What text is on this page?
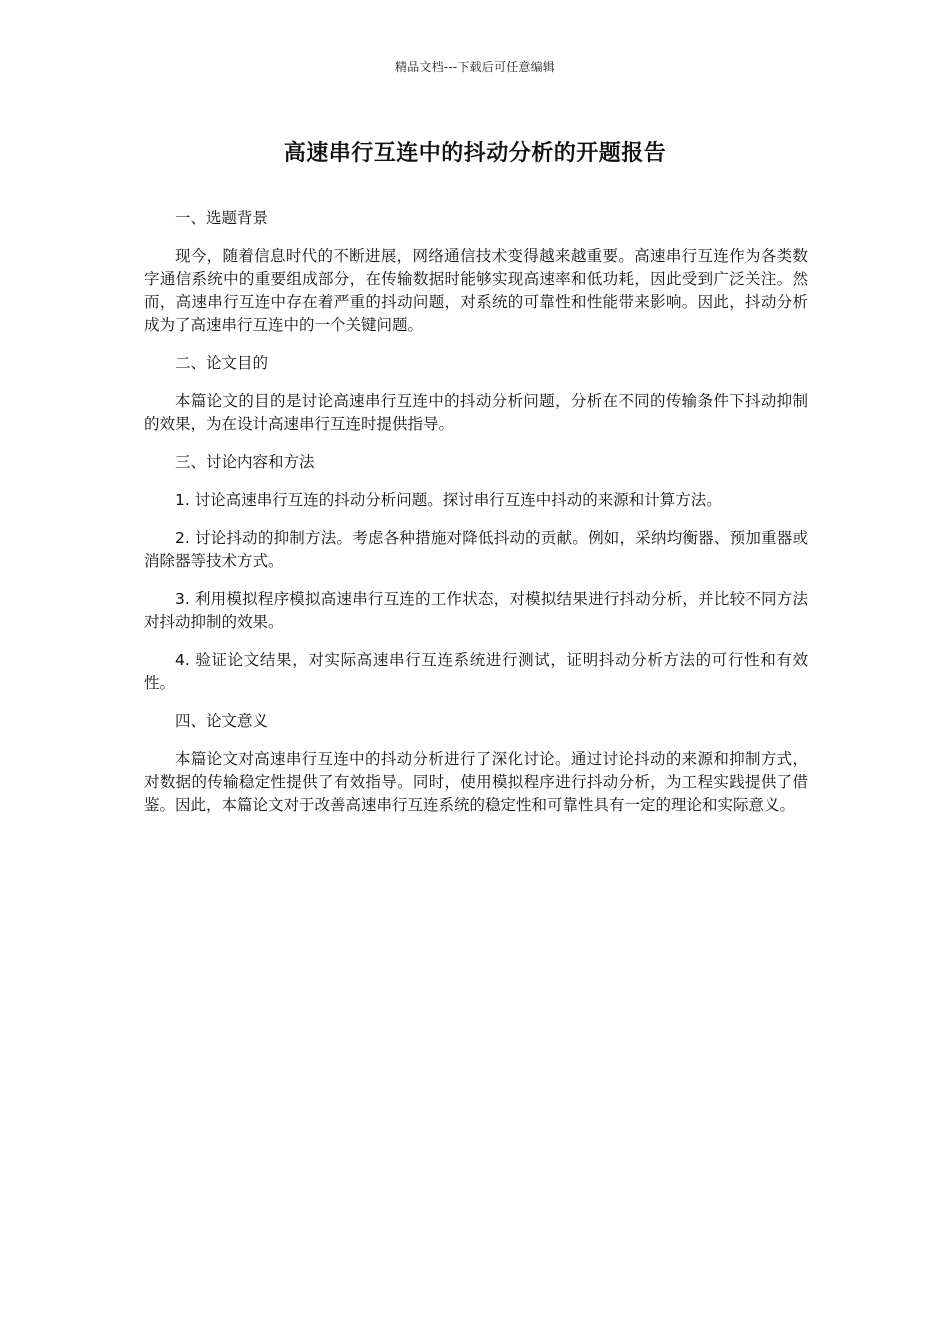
精品文档---下载后可任意编辑
高速串行互连中的抖动分析的开题报告

一、选题背景

现今，随着信息时代的不断进展，网络通信技术变得越来越重要。高速串行互连作为各类数字通信系统中的重要组成部分，在传输数据时能够实现高速率和低功耗，因此受到广泛关注。然而，高速串行互连中存在着严重的抖动问题，对系统的可靠性和性能带来影响。因此，抖动分析成为了高速串行互连中的一个关键问题。

二、论文目的

本篇论文的目的是讨论高速串行互连中的抖动分析问题，分析在不同的传输条件下抖动抑制的效果，为在设计高速串行互连时提供指导。

三、讨论内容和方法

1. 讨论高速串行互连的抖动分析问题。探讨串行互连中抖动的来源和计算方法。

2. 讨论抖动的抑制方法。考虑各种措施对降低抖动的贡献。例如，采纳均衡器、预加重器或消除器等技术方式。

3. 利用模拟程序模拟高速串行互连的工作状态，对模拟结果进行抖动分析，并比较不同方法对抖动抑制的效果。

4. 验证论文结果，对实际高速串行互连系统进行测试，证明抖动分析方法的可行性和有效性。

四、论文意义

本篇论文对高速串行互连中的抖动分析进行了深化讨论。通过讨论抖动的来源和抑制方式，对数据的传输稳定性提供了有效指导。同时，使用模拟程序进行抖动分析，为工程实践提供了借鉴。因此，本篇论文对于改善高速串行互连系统的稳定性和可靠性具有一定的理论和实际意义。
